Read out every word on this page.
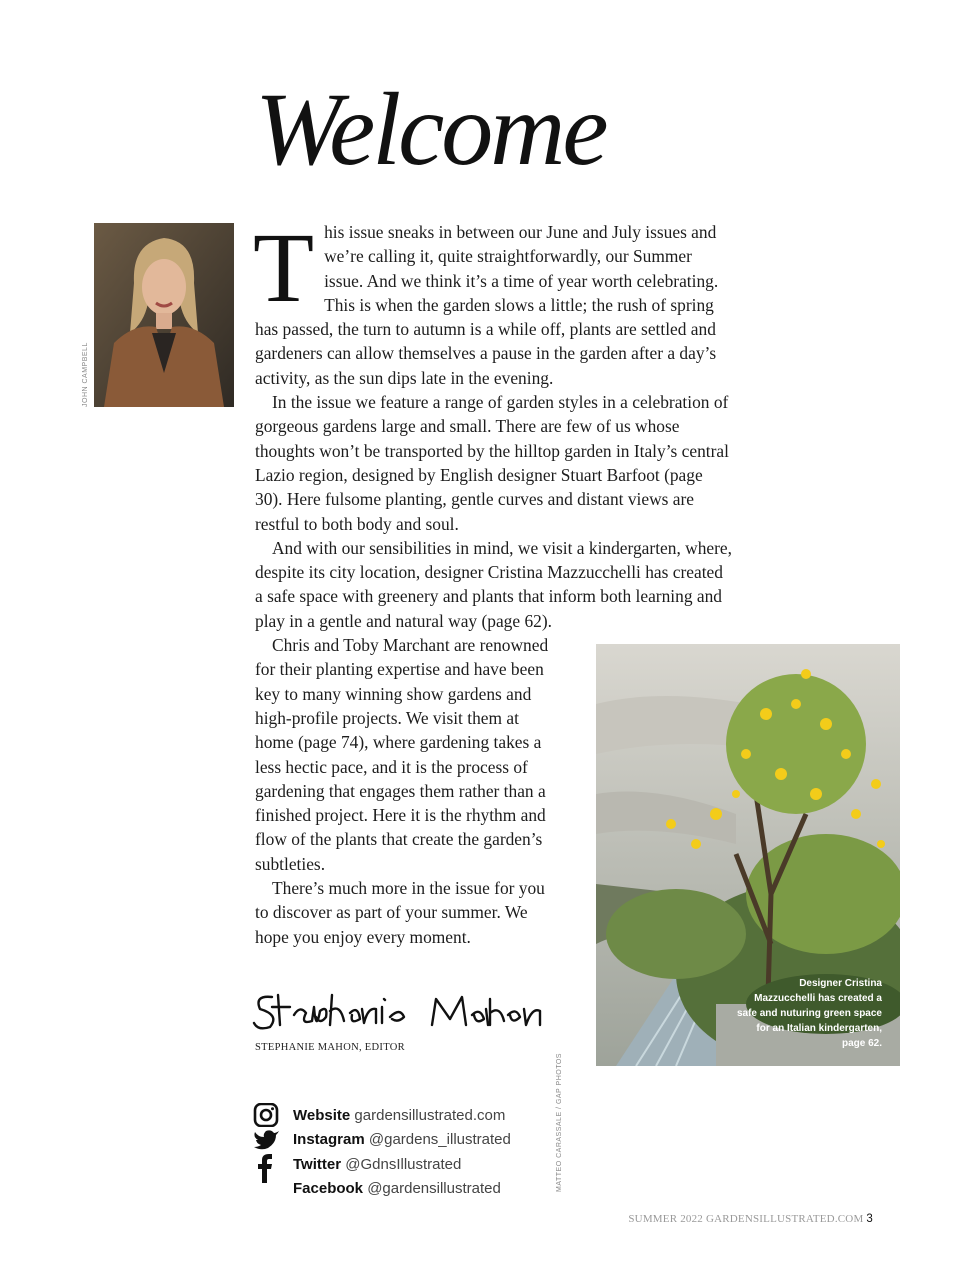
Welcome
JOHN CAMPBELL

This issue sneaks in between our June and July issues and we’re calling it, quite straightforwardly, our Summer issue. And we think it’s a time of year worth celebrating. This is when the garden slows a little; the rush of spring has passed, the turn to autumn is a while off, plants are settled and gardeners can allow themselves a pause in the garden after a day’s activity, as the sun dips late in the evening.

In the issue we feature a range of garden styles in a celebration of gorgeous gardens large and small. There are few of us whose thoughts won’t be transported by the hilltop garden in Italy’s central Lazio region, designed by English designer Stuart Barfoot (page 30). Here fulsome planting, gentle curves and distant views are restful to both body and soul.

And with our sensibilities in mind, we visit a kindergarten, where, despite its city location, designer Cristina Mazzucchelli has created a safe space with greenery and plants that inform both learning and play in a gentle and natural way (page 62).

Designer Cristina Mazzucchelli has created a safe and nuturing green space for an Italian kindergarten, page 62.
Chris and Toby Marchant are renowned for their planting expertise and have been key to many winning show gardens and high-profile projects. We visit them at home (page 74), where gardening takes a less hectic pace, and it is the process of gardening that engages them rather than a finished project. Here it is the rhythm and flow of the plants that create the garden’s subtleties.

There’s much more in the issue for you to discover as part of your summer. We hope you enjoy every moment.

MATTEO CARASSALE / GAP PHOTOS
STEPHANIE MAHON, EDITOR
Website gardensillustrated.com
Instagram @gardens_illustrated
Twitter @GdnsIllustrated
Facebook @gardensillustrated
SUMMER 2022 GARDENSILLUSTRATED.COM 3
